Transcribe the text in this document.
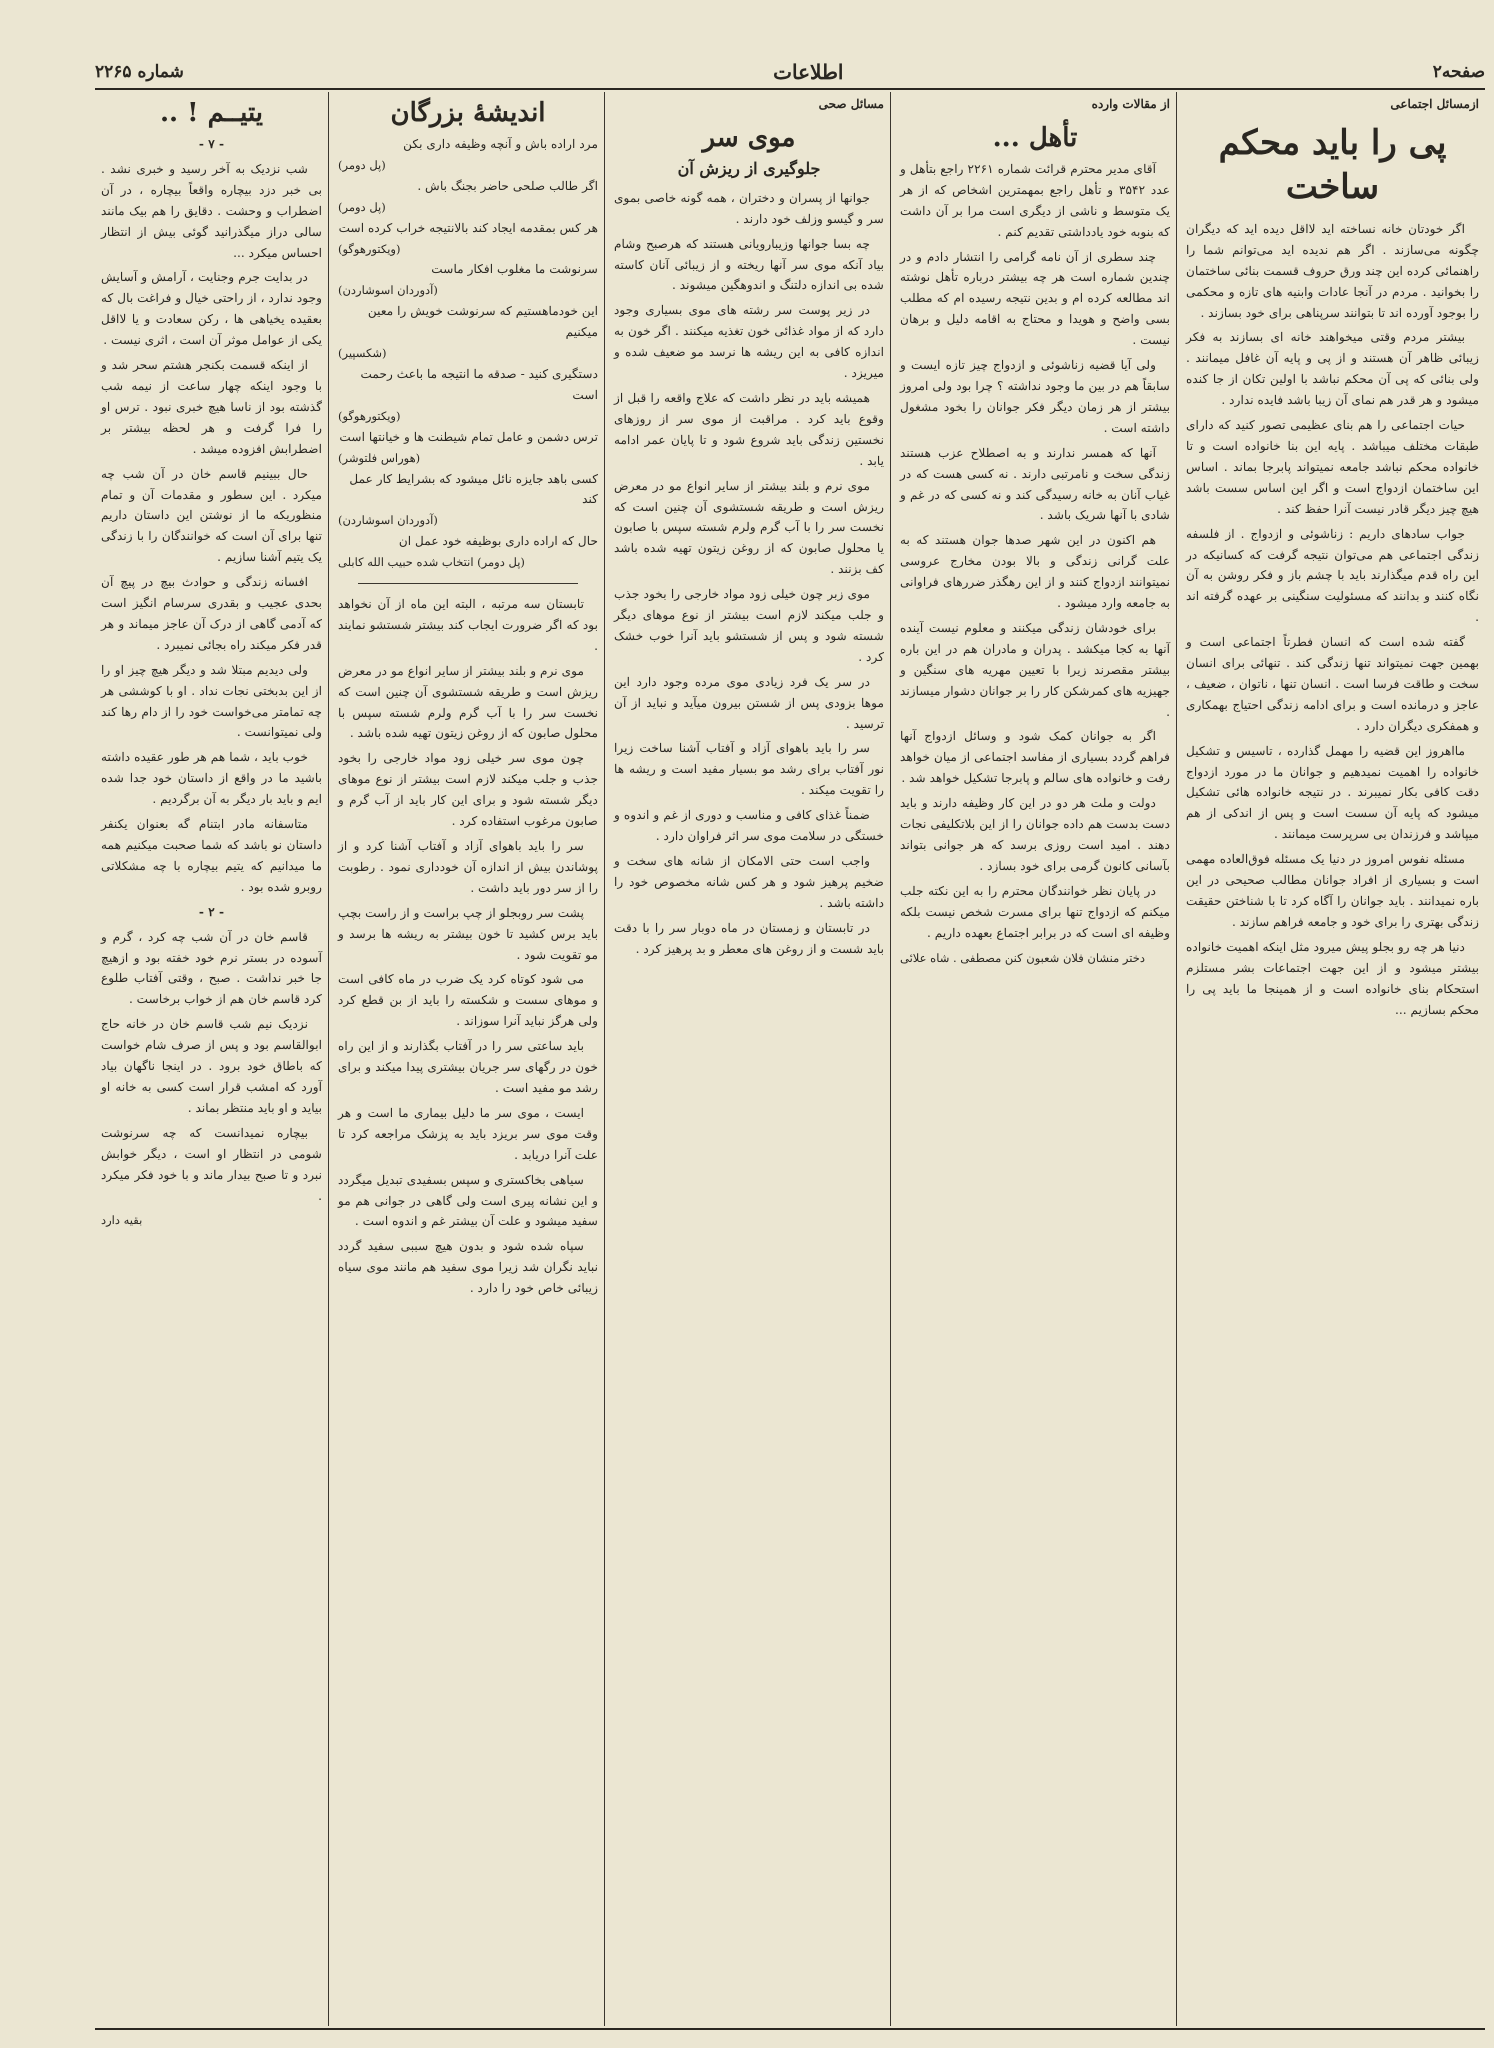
صفحه۲
اطلاعات
شماره ۲۲۶۵
ازمسائل اجتماعی
پی را باید محکم ساخت

اگر خودتان خانه نساخته اید لااقل دیده اید که دیگران چگونه می‌سازند . اگر هم ندیده اید می‌توانم شما را راهنمائی کرده این چند ورق حروف قسمت بنائی ساختمان را بخوانید . مردم در آنجا عادات وابنیه های تازه و محکمی را بوجود آورده اند تا بتوانند سرپناهی برای خود بسازند .

بیشتر مردم وقتی میخواهند خانه ای بسازند به فکر زیبائی ظاهر آن هستند و از پی و پایه آن غافل میمانند . ولی بنائی که پی آن محکم نباشد با اولین تکان از جا کنده میشود و هر قدر هم نمای آن زیبا باشد فایده ندارد .

حیات اجتماعی را هم بنای عظیمی تصور کنید که دارای طبقات مختلف میباشد . پایه این بنا خانواده است و تا خانواده محکم نباشد جامعه نمیتواند پابرجا بماند . اساس این ساختمان ازدواج است و اگر این اساس سست باشد هیچ چیز دیگر قادر نیست آنرا حفظ کند .

جواب سادهای داریم : زناشوئی و ازدواج . از فلسفه زندگی اجتماعی هم می‌توان نتیجه گرفت که کسانیکه در این راه قدم میگذارند باید با چشم باز و فکر روشن به آن نگاه کنند و بدانند که مسئولیت سنگینی بر عهده گرفته اند .

گفته شده است که انسان فطرتاً اجتماعی است و بهمین جهت نمیتواند تنها زندگی کند . تنهائی برای انسان سخت و طاقت فرسا است . انسان تنها ، ناتوان ، ضعیف ، عاجز و درمانده است و برای ادامه زندگی احتیاج بهمکاری و همفکری دیگران دارد .

مااهروز این قضیه را مهمل گذارده ، تاسیس و تشکیل خانواده را اهمیت نمیدهیم و جوانان ما در مورد ازدواج دقت کافی بکار نمیبرند . در نتیجه خانواده هائی تشکیل میشود که پایه آن سست است و پس از اندکی از هم میپاشد و فرزندان بی سرپرست میمانند .

مسئله نفوس امروز در دنیا یک مسئله فوق‌العاده مهمی است و بسیاری از افراد جوانان مطالب صحیحی در این باره نمیدانند . باید جوانان را آگاه کرد تا با شناختن حقیقت زندگی بهتری را برای خود و جامعه فراهم سازند .

دنیا هر چه رو بجلو پیش میرود مثل اینکه اهمیت خانواده بیشتر میشود و از این جهت اجتماعات بشر مستلزم استحکام بنای خانواده است و از همینجا ما باید پی را محکم بسازیم ...

از مقالات وارده
تأهل ...

آقای مدیر محترم قرائت شماره ۲۲۶۱ راجع بتأهل و عدد ۳۵۴۲ و تأهل راجع بمهمترین اشخاص که از هر یک متوسط و ناشی از دیگری است مرا بر آن داشت که بنوبه خود یادداشتی تقدیم کنم .

چند سطری از آن نامه گرامی را انتشار دادم و در چندین شماره است هر چه بیشتر درباره تأهل نوشته اند مطالعه کرده ام و بدین نتیجه رسیده ام که مطلب بسی واضح و هویدا و محتاج به اقامه دلیل و برهان نیست .

ولی آیا قضیه زناشوئی و ازدواج چیز تازه ایست و سابقاً هم در بین ما وجود نداشته ؟ چرا بود ولی امروز بیشتر از هر زمان دیگر فکر جوانان را بخود مشغول داشته است .

آنها که همسر ندارند و به اصطلاح عزب هستند زندگی سخت و نامرتبی دارند . نه کسی هست که در غیاب آنان به خانه رسیدگی کند و نه کسی که در غم و شادی با آنها شریک باشد .

هم اکنون در این شهر صدها جوان هستند که به علت گرانی زندگی و بالا بودن مخارج عروسی نمیتوانند ازدواج کنند و از این رهگذر ضررهای فراوانی به جامعه وارد میشود .

برای خودشان زندگی میکنند و معلوم نیست آینده آنها به کجا میکشد . پدران و مادران هم در این باره بیشتر مقصرند زیرا با تعیین مهریه های سنگین و جهیزیه های کمرشکن کار را بر جوانان دشوار میسازند .

اگر به جوانان کمک شود و وسائل ازدواج آنها فراهم گردد بسیاری از مفاسد اجتماعی از میان خواهد رفت و خانواده های سالم و پابرجا تشکیل خواهد شد .

دولت و ملت هر دو در این کار وظیفه دارند و باید دست بدست هم داده جوانان را از این بلاتکلیفی نجات دهند . امید است روزی برسد که هر جوانی بتواند بآسانی کانون گرمی برای خود بسازد .

در پایان نظر خوانندگان محترم را به این نکته جلب میکنم که ازدواج تنها برای مسرت شخص نیست بلکه وظیفه ای است که در برابر اجتماع بعهده داریم .

دختر منشان فلان شعبون کنن مصطفی . شاه علائی

مسائل صحی
موی سر
جلوگیری از ریزش آن

جوانها از پسران و دختران ، همه گونه خاصی بموی سر و گیسو وزلف خود دارند .

چه بسا جوانها وزیبارویانی هستند که هرصبح وشام بیاد آنکه موی سر آنها ریخته و از زیبائی آنان کاسته شده بی اندازه دلتنگ و اندوهگین میشوند .

در زیر پوست سر رشته های موی بسیاری وجود دارد که از مواد غذائی خون تغذیه میکنند . اگر خون به اندازه کافی به این ریشه ها نرسد مو ضعیف شده و میریزد .

همیشه باید در نظر داشت که علاج واقعه را قبل از وقوع باید کرد . مراقبت از موی سر از روزهای نخستین زندگی باید شروع شود و تا پایان عمر ادامه یابد .

موی نرم و بلند بیشتر از سایر انواع مو در معرض ریزش است و طریقه شستشوی آن چنین است که نخست سر را با آب گرم ولرم شسته سپس با صابون یا محلول صابون که از روغن زیتون تهیه شده باشد کف بزنند .

موی زبر چون خیلی زود مواد خارجی را بخود جذب و جلب میکند لازم است بیشتر از نوع موهای دیگر شسته شود و پس از شستشو باید آنرا خوب خشک کرد .

در سر یک فرد زیادی موی مرده وجود دارد این موها بزودی پس از شستن بیرون میآید و نباید از آن ترسید .

سر را باید باهوای آزاد و آفتاب آشنا ساخت زیرا نور آفتاب برای رشد مو بسیار مفید است و ریشه ها را تقویت میکند .

ضمناً غذای کافی و مناسب و دوری از غم و اندوه و خستگی در سلامت موی سر اثر فراوان دارد .

واجب است حتی الامکان از شانه های سخت و ضخیم پرهیز شود و هر کس شانه مخصوص خود را داشته باشد .

در تابستان و زمستان در ماه دوبار سر را با دقت باید شست و از روغن های معطر و بد پرهیز کرد .

اندیشهٔ بزرگان
مرد اراده باش و آنچه وظیفه داری بکن
(پل دومر)
اگر طالب صلحی حاضر بجنگ باش .
(پل دومر)
هر کس بمقدمه ایجاد کند بالانتیجه خراب کرده است
(ویکتورهوگو)
سرنوشت ما مغلوب افکار ماست
(آدوردان اسوشاردن)
این خودماهستیم که سرنوشت خویش را معین میکنیم
(شکسپیر)
دستگیری کنید - صدقه ما انتیجه ما باعث رحمت است
(ویکتورهوگو)
ترس دشمن و عامل تمام شیطنت ها و خیانتها است
(هوراس فلتوشر)
کسی باهد جایزه نائل میشود که بشرایط کار عمل کند
(آدوردان اسوشاردن)
حال که اراده داری بوظیفه خود عمل ان
(پل دومر) انتخاب شده حبیب الله کابلی

تابستان سه مرتبه ، البته این ماه از آن نخواهد بود که اگر ضرورت ایجاب کند بیشتر شستشو نمایند .

موی نرم و بلند بیشتر از سایر انواع مو در معرض ریزش است و طریقه شستشوی آن چنین است که نخست سر را با آب گرم ولرم شسته سپس با محلول صابون که از روغن زیتون تهیه شده باشد .

چون موی سر خیلی زود مواد خارجی را بخود جذب و جلب میکند لازم است بیشتر از نوع موهای دیگر شسته شود و برای این کار باید از آب گرم و صابون مرغوب استفاده کرد .

سر را باید باهوای آزاد و آفتاب آشنا کرد و از پوشاندن بیش از اندازه آن خودداری نمود . رطوبت را از سر دور باید داشت .

پشت سر روبجلو از چپ براست و از راست بچپ باید برس کشید تا خون بیشتر به ریشه ها برسد و مو تقویت شود .

می شود کوتاه کرد یک ضرب در ماه کافی است و موهای سست و شکسته را باید از بن قطع کرد ولی هرگز نباید آنرا سوزاند .

باید ساعتی سر را در آفتاب بگذارند و از این راه خون در رگهای سر جریان بیشتری پیدا میکند و برای رشد مو مفید است .

ایست ، موی سر ما دلیل بیماری ما است و هر وقت موی سر بریزد باید به پزشک مراجعه کرد تا علت آنرا دریابد .

سیاهی بخاکستری و سپس بسفیدی تبدیل میگردد و این نشانه پیری است ولی گاهی در جوانی هم مو سفید میشود و علت آن بیشتر غم و اندوه است .

سپاه شده شود و بدون هیچ سببی سفید گردد نباید نگران شد زیرا موی سفید هم مانند موی سیاه زیبائی خاص خود را دارد .

یتیــم ! ..
- ۷ -

شب نزدیک به آخر رسید و خبری نشد . بی خبر دزد بیچاره واقعاً بیچاره ، در آن اضطراب و وحشت . دقایق را هم بیک مانند سالی دراز میگذرانید گوئی بیش از انتظار احساس میکرد ...

در بدایت جرم وجنایت ، آرامش و آسایش وجود ندارد ، از راحتی خیال و فراغت بال که بعقیده یخیاهی ها ، رکن سعادت و یا لااقل یکی از عوامل موثر آن است ، اثری نیست .

از اینکه قسمت بکنجر هشتم سحر شد و با وجود اینکه چهار ساعت از نیمه شب گذشته بود از ناسا هیچ خبری نبود . ترس او را فرا گرفت و هر لحظه بیشتر بر اضطرابش افزوده میشد .

حال ببینیم قاسم خان در آن شب چه میکرد . این سطور و مقدمات آن و تمام منظوریکه ما از نوشتن این داستان داریم تنها برای آن است که خوانندگان را با زندگی یک یتیم آشنا سازیم .

افسانه زندگی و حوادث بیچ در پیچ آن بحدی عجیب و بقدری سرسام انگیز است که آدمی گاهی از درک آن عاجز میماند و هر قدر فکر میکند راه بجائی نمیبرد .

ولی دیدیم مبتلا شد و دیگر هیچ چیز او را از این بدبختی نجات نداد . او با کوششی هر چه تمامتر می‌خواست خود را از دام رها کند ولی نمیتوانست .

خوب باید ، شما هم هر طور عقیده داشته باشید ما در واقع از داستان خود جدا شده ایم و باید بار دیگر به آن برگردیم .

متاسفانه مادر ابتنام گه بعنوان یکنفر داستان نو باشد که شما صحبت میکنیم همه ما میدانیم که یتیم بیچاره با چه مشکلاتی روبرو شده بود .

- ۲ -

قاسم خان در آن شب چه کرد ، گرم و آسوده در بستر نرم خود خفته بود و ازهیچ جا خبر نداشت . صبح ، وقتی آفتاب طلوع کرد قاسم خان هم از خواب برخاست .

نزدیک نیم شب قاسم خان در خانه حاج ابوالقاسم بود و پس از صرف شام خواست که باطاق خود برود . در اینجا ناگهان بیاد آورد که امشب قرار است کسی به خانه او بیاید و او باید منتظر بماند .

بیچاره نمیدانست که چه سرنوشت شومی در انتظار او است ، دیگر خوابش نبرد و تا صبح بیدار ماند و با خود فکر میکرد .

بقیه دارد
